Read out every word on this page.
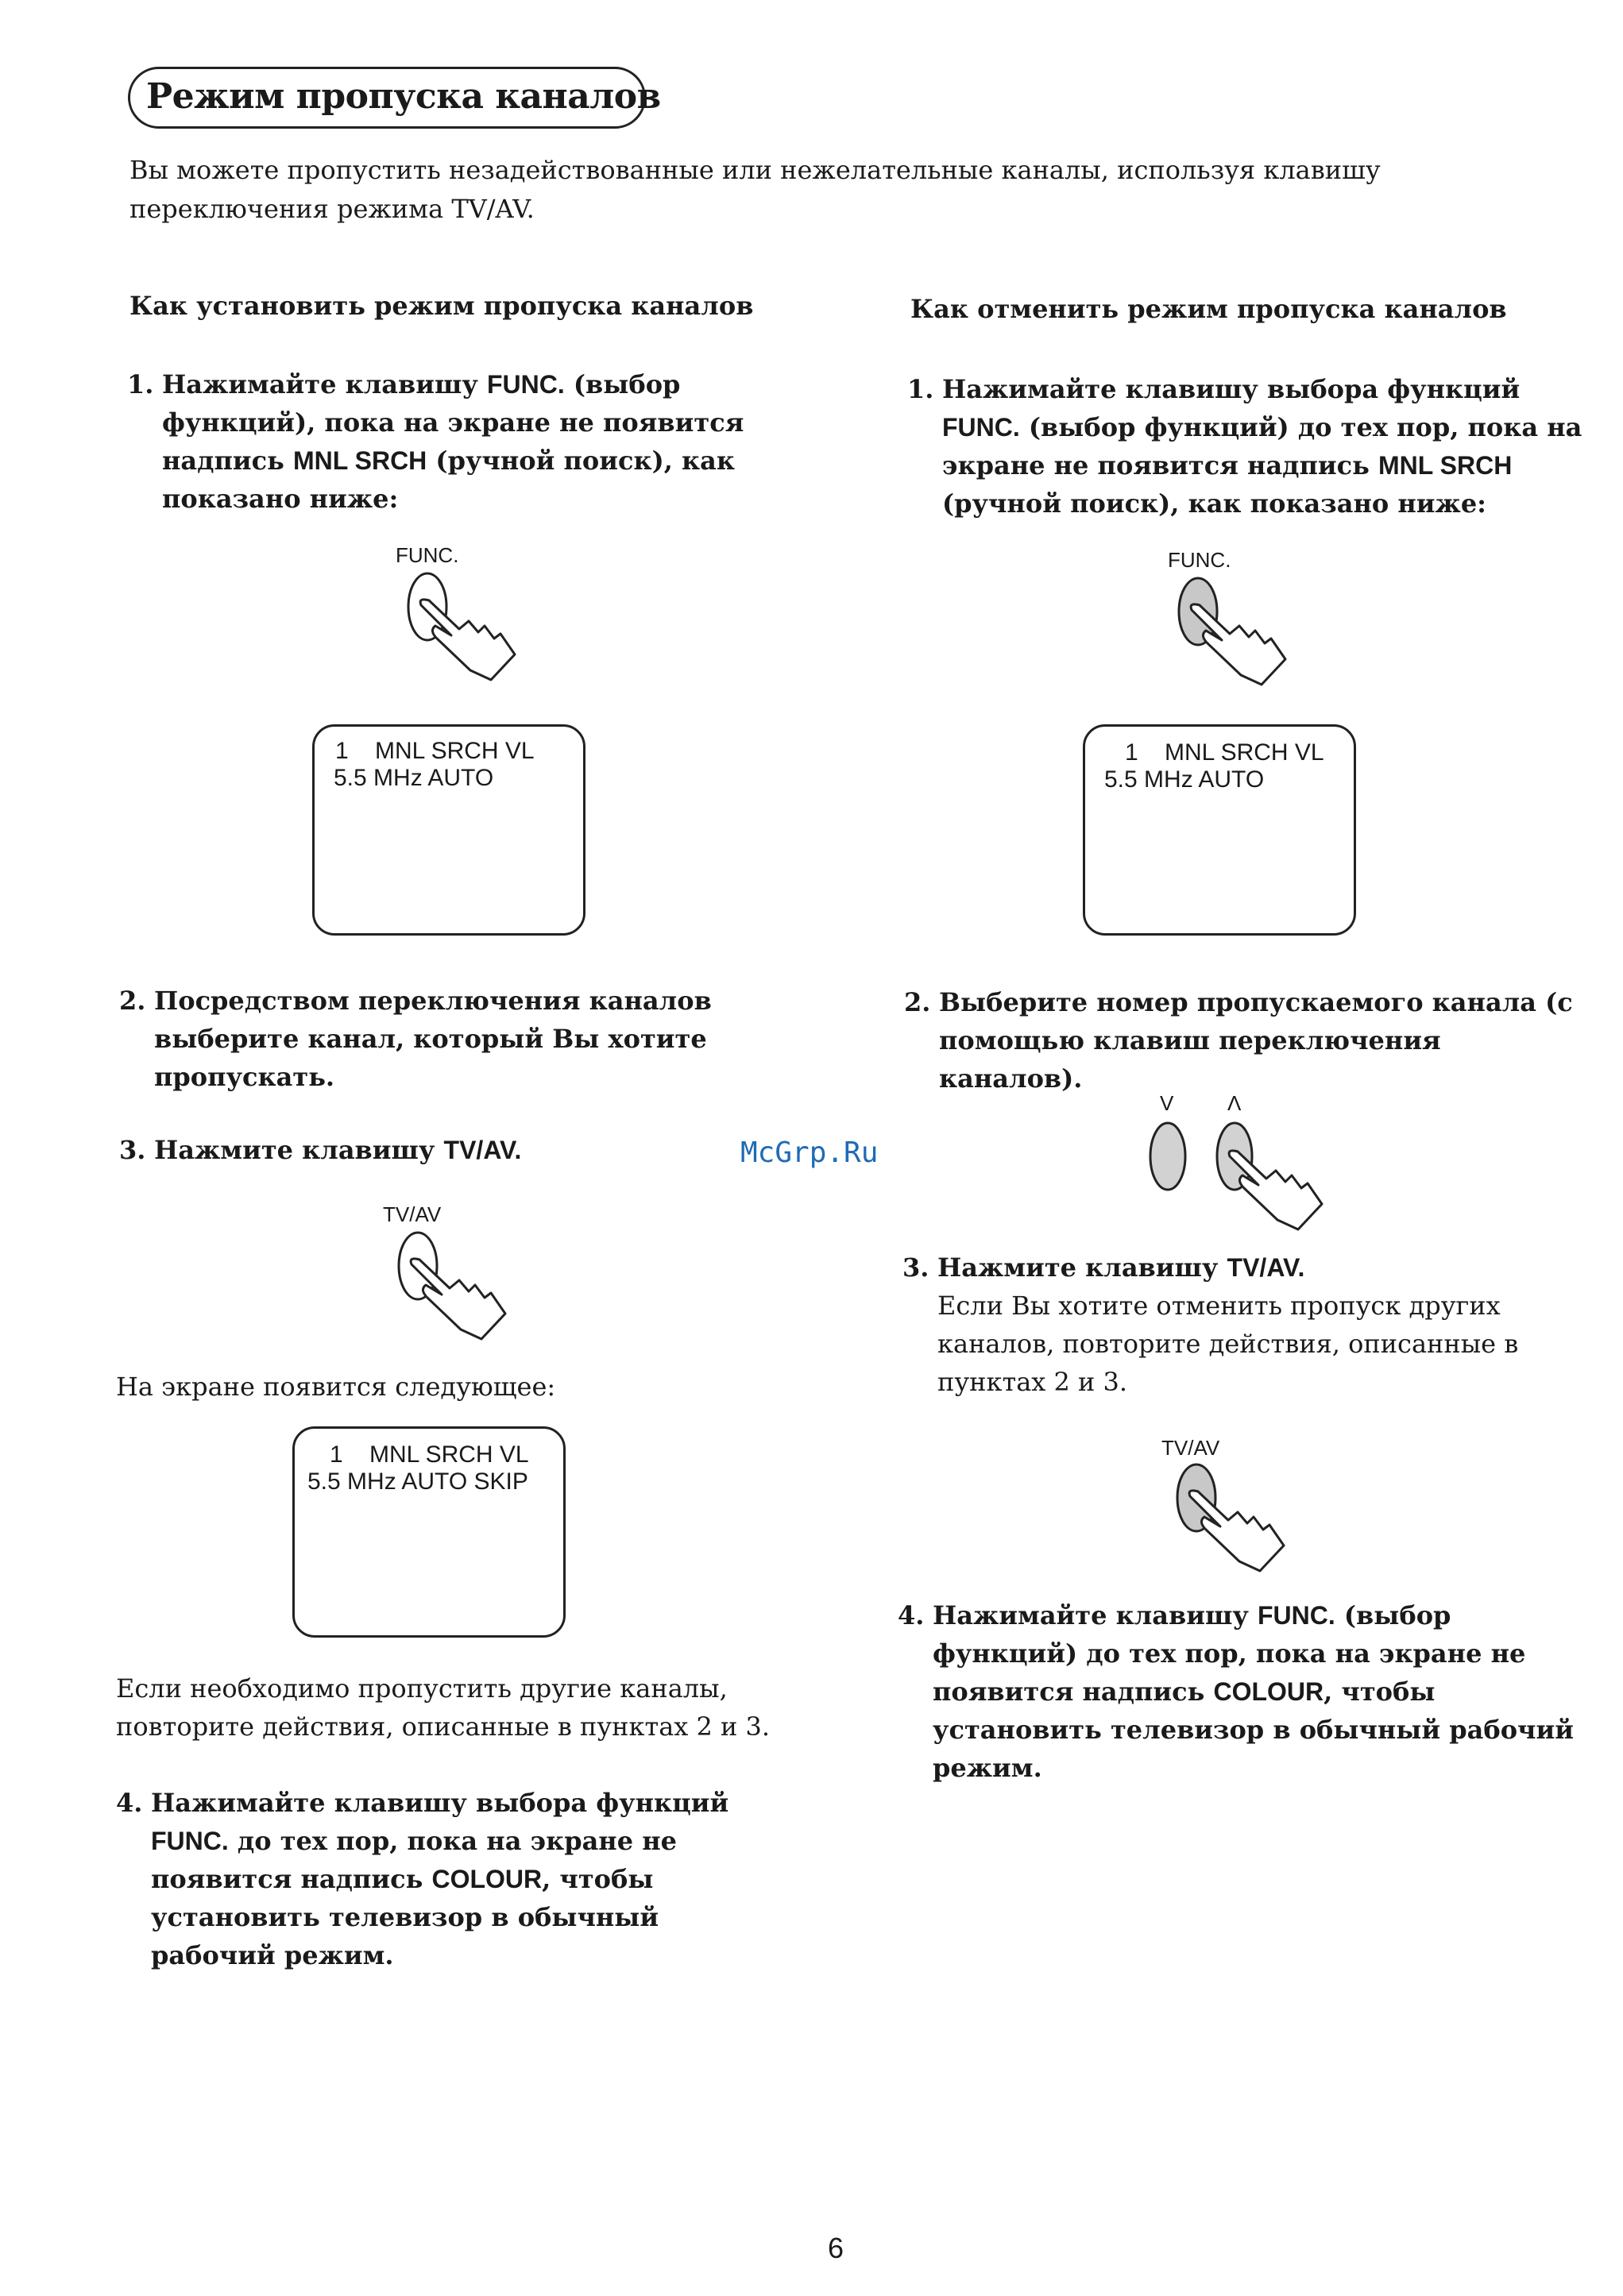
Режим пропуска каналов
Вы можете пропустить незадействованные или нежелательные каналы, используя клавишу переключения режима TV/AV.
Как установить режим пропуска каналов
1. Нажимайте клавишу FUNC. (выбор функций), пока на экране не появится надпись MNL SRCH (ручной поиск), как показано ниже:
FUNC.
1    MNL SRCH VL
5.5 MHz AUTO
2. Посредством переключения каналов выберите канал, который Вы хотите пропускать.
3. Нажмите клавишу TV/AV.
TV/AV
На экране появится следующее:
1    MNL SRCH VL
5.5 MHz AUTO SKIP
Если необходимо пропустить другие каналы, повторите действия, описанные в пунктах 2 и 3.
4. Нажимайте клавишу выбора функций FUNC. до тех пор, пока на экране не появится надпись COLOUR, чтобы установить телевизор в обычный рабочий режим.
Как отменить режим пропуска каналов
1. Нажимайте клавишу выбора функций FUNC. (выбор функций) до тех пор, пока на экране не появится надпись MNL SRCH (ручной поиск), как показано ниже:
FUNC.
1    MNL SRCH VL
5.5 MHz AUTO
2. Выберите номер пропускаемого канала (с помощью клавиш переключения каналов).
V	Λ
3. Нажмите клавишу TV/AV.
Если Вы хотите отменить пропуск других каналов, повторите действия, описанные в пунктах 2 и 3.
TV/AV
4. Нажимайте клавишу FUNC. (выбор функций) до тех пор, пока на экране не появится надпись COLOUR, чтобы установить телевизор в обычный рабочий режим.
McGrp.Ru
6
